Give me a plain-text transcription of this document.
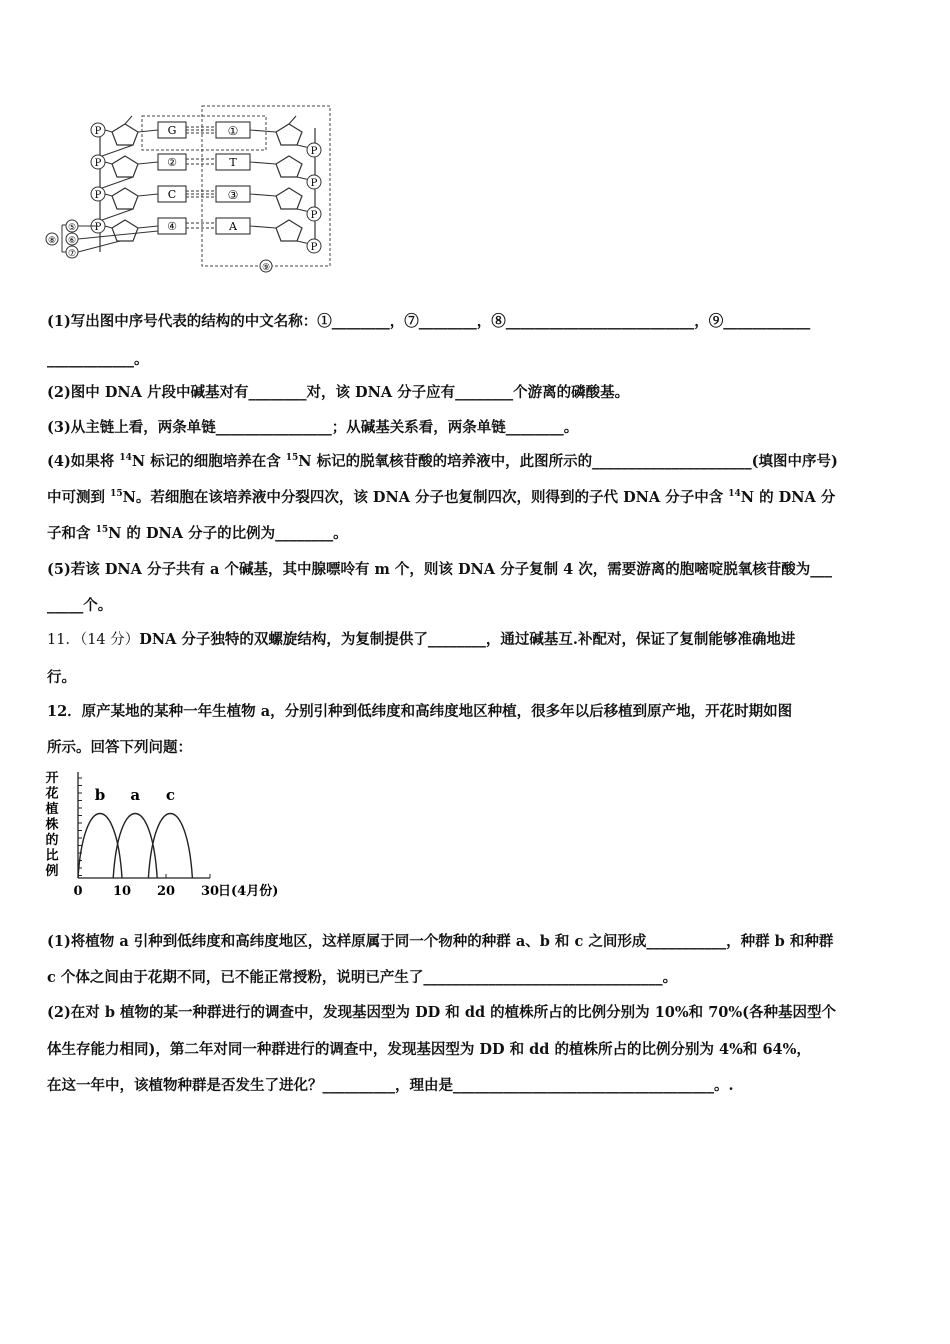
P
P
P
P
G
②
C
④
①
T
③
A
P
P
P
P
⑤
⑥
⑦
⑧
⑨
(1)写出图中序号代表的结构的中文名称：①________，⑦________，⑧__________________________，⑨____________
____________。
(2)图中 DNA 片段中碱基对有________对，该 DNA 分子应有________个游离的磷酸基。
(3)从主链上看，两条单链________________；从碱基关系看，两条单链________。
(4)如果将 $^{14}$N 标记的细胞培养在含 $^{15}$N 标记的脱氧核苷酸的培养液中，此图所示的______________________(填图中序号)
中可测到 $^{15}$N。若细胞在该培养液中分裂四次，该 DNA 分子也复制四次，则得到的子代 DNA 分子中含 $^{14}$N 的 DNA 分
子和含 $^{15}$N 的 DNA 分子的比例为________。
(5)若该 DNA 分子共有 a 个碱基，其中腺嘌呤有 m 个，则该 DNA 分子复制 4 次，需要游离的胞嘧啶脱氧核苷酸为___
_____个。
11．（14 分）DNA 分子独特的双螺旋结构，为复制提供了________，通过碱基互.补配对，保证了复制能够准确地进
行。
12．原产某地的某种一年生植物 a，分别引种到低纬度和高纬度地区种植，很多年以后移植到原产地，开花时期如图
所示。回答下列问题：
开
花
植
株
的
比
例
0 10 20 30
b a c
日(4月份)
(1)将植物 a 引种到低纬度和高纬度地区，这样原属于同一个物种的种群 a、b 和 c 之间形成___________，种群 b 和种群
c 个体之间由于花期不同，已不能正常授粉，说明已产生了_________________________________。
(2)在对 b 植物的某一种群进行的调查中，发现基因型为 DD 和 dd 的植株所占的比例分别为 10%和 70%(各种基因型个
体生存能力相同)，第二年对同一种群进行的调查中，发现基因型为 DD 和 dd 的植株所占的比例分别为 4%和 64%，
在这一年中，该植物种群是否发生了进化？__________，理由是____________________________________。.
